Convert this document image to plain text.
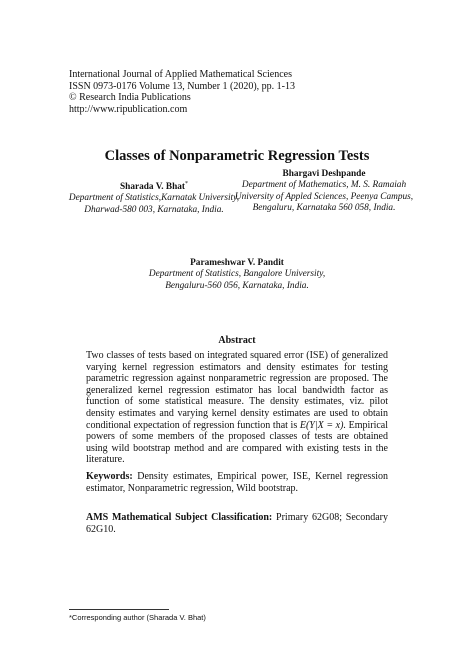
International Journal of Applied Mathematical Sciences
ISSN 0973-0176 Volume 13, Number 1 (2020), pp. 1-13
© Research India Publications
http://www.ripublication.com
Classes of Nonparametric Regression Tests
Sharada V. Bhat*
Department of Statistics,Karnatak University,
Dharwad-580 003, Karnataka, India.
Bhargavi Deshpande
Department of Mathematics, M. S. Ramaiah
University of Appled Sciences, Peenya Campus,
Bengaluru, Karnataka 560 058, India.
Parameshwar V. Pandit
Department of Statistics, Bangalore University,
Bengaluru-560 056, Karnataka, India.
Abstract
Two classes of tests based on integrated squared error (ISE) of generalized varying kernel regression estimators and density estimates for testing parametric regression against nonparametric regression are proposed. The generalized kernel regression estimator has local bandwidth factor as function of some statistical measure. The density estimates, viz. pilot density estimates and varying kernel density estimates are used to obtain conditional expectation of regression function that is E(Y|X = x). Empirical powers of some members of the proposed classes of tests are obtained using wild bootstrap method and are compared with existing tests in the literature.
Keywords: Density estimates, Empirical power, ISE, Kernel regression estimator, Nonparametric regression, Wild bootstrap.
AMS Mathematical Subject Classification: Primary 62G08; Secondary 62G10.
*Corresponding author (Sharada V. Bhat)
